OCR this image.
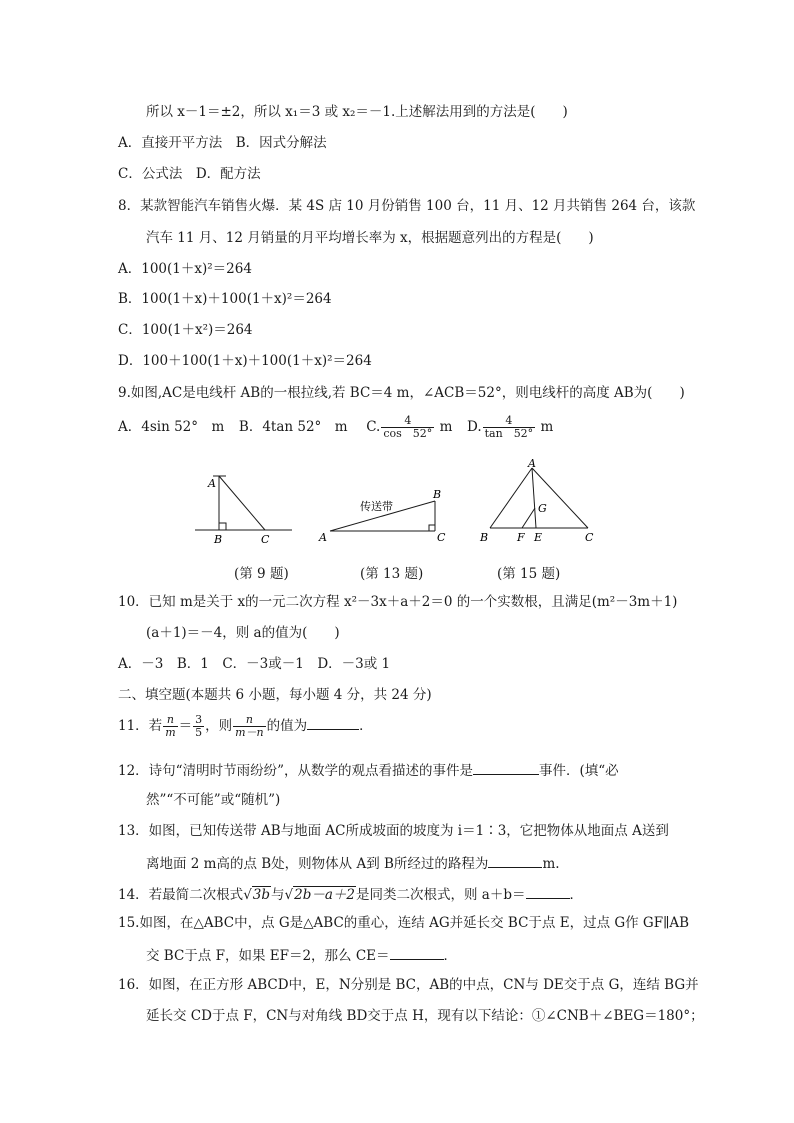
所以 x－1＝±2，所以 x₁＝3 或 x₂＝－1.上述解法用到的方法是(　　)
A．直接开平方法　B．因式分解法
C．公式法　D．配方法
8．某款智能汽车销售火爆．某 4S 店 10 月份销售 100 台，11 月、12 月共销售 264 台，该款
汽车 11 月、12 月销量的月平均增长率为 x，根据题意列出的方程是(　　)
A．100(1＋x)²＝264
B．100(1＋x)＋100(1＋x)²＝264
C．100(1＋x²)＝264
D．100＋100(1＋x)＋100(1＋x)²＝264
9.如图,AC是电线杆 AB的一根拉线,若 BC＝4 m，∠ACB＝52°，则电线杆的高度 AB为(　　)
A．4sin 52°　m B．4tan 52°　m C. $\frac{4}{\cos 52^\circ}$ m D. $\frac{4}{\tan 52^\circ}$ m
A
B	C
传送带
A
B
C
A
G
B	F E	C
(第 9 题)	(第 13 题)	(第 15 题)
10．已知 m是关于 x的一元二次方程 x²－3x＋a＋2＝0 的一个实数根，且满足(m²－3m＋1)
(a＋1)＝－4，则 a的值为(　　)
A．－3　B．1　C．－3或－1　D．－3或 1
二、填空题(本题共 6 小题，每小题 4 分，共 24 分)
11．若 $\frac{n}{m} = \frac{3}{5}$ ，则 $\frac{n}{m-n}$ 的值为	．
12．诗句“清明时节雨纷纷”，从数学的观点看描述的事件是	事件．(填“必
然”“不可能”或“随机”)
13．如图，已知传送带 AB与地面 AC所成坡面的坡度为 i＝1∶3，它把物体从地面点 A送到
离地面 2 m高的点 B处，则物体从 A到 B所经过的路程为	m.
14．若最简二次根式√3b与√2b－a＋2是同类二次根式，则 a＋b＝	．
15.如图，在△ABC中，点 G是△ABC的重心，连结 AG并延长交 BC于点 E，过点 G作 GF∥AB
交 BC于点 F，如果 EF＝2，那么 CE＝	．
16．如图，在正方形 ABCD中，E，N分别是 BC，AB的中点，CN与 DE交于点 G，连结 BG并
延长交 CD于点 F，CN与对角线 BD交于点 H，现有以下结论：①∠CNB＋∠BEG＝180°；
